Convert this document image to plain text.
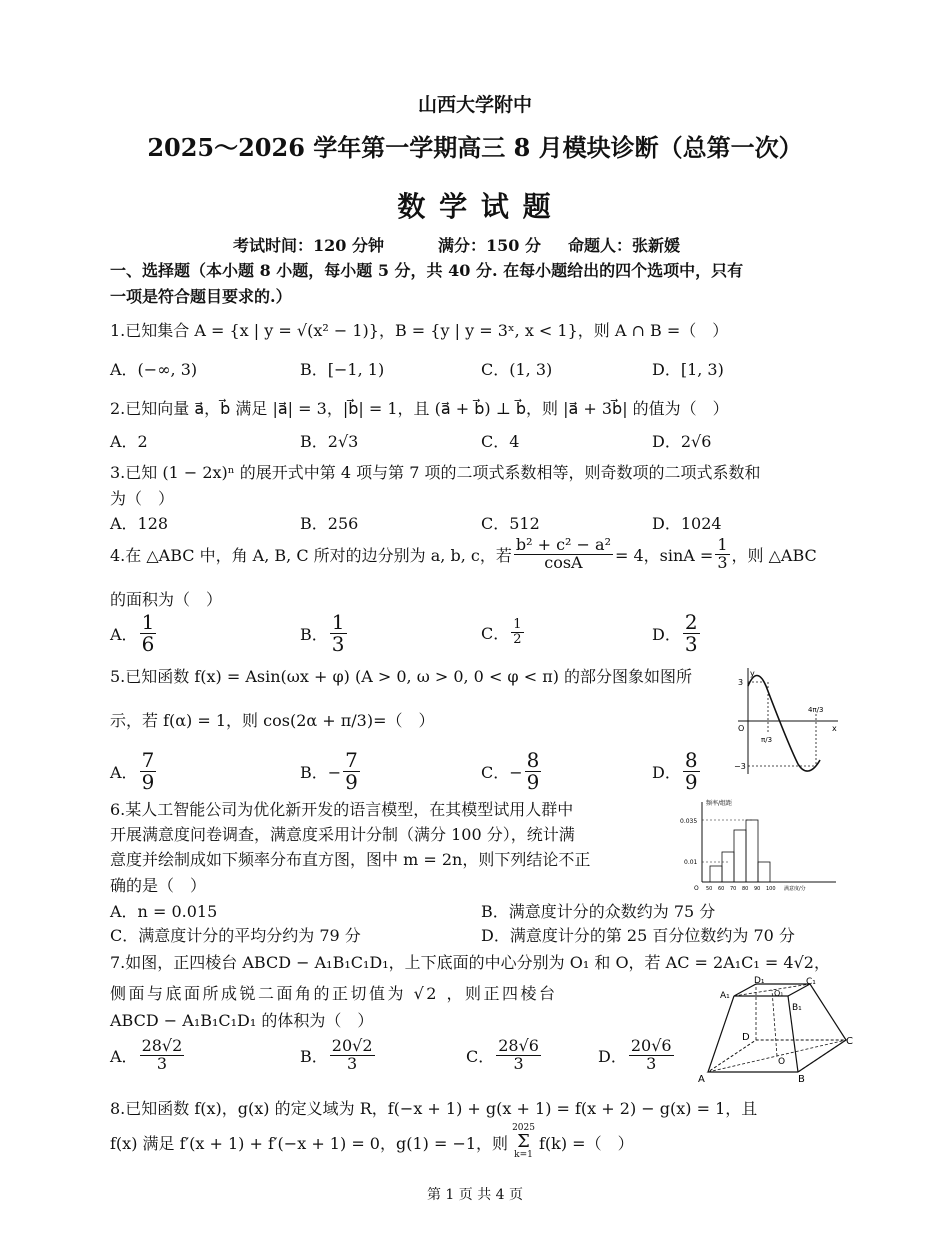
山西大学附中
2025～2026 学年第一学期高三 8 月模块诊断（总第一次）
数 学 试 题
考试时间：120 分钟	满分：150 分 命题人：张新媛
一、选择题（本小题 8 小题，每小题 5 分，共 40 分. 在每小题给出的四个选项中，只有
一项是符合题目要求的.）
1.已知集合 A = {x | y = √(x² − 1)}，B = {y | y = 3ˣ, x < 1}，则 A ∩ B =（　）
A．(−∞, 3)	B．[−1, 1)	C．(1, 3)	D．[1, 3)
2.已知向量 a⃗，b⃗ 满足 |a⃗| = 3，|b⃗| = 1，且 (a⃗ + b⃗) ⊥ b⃗，则 |a⃗ + 3b⃗| 的值为（　）
A．2	B．2√3	C．4	D．2√6
3.已知 (1 − 2x)ⁿ 的展开式中第 4 项与第 7 项的二项式系数相等，则奇数项的二项式系数和
为（　）
A．128	B．256	C．512	D．1024
4.在 △ABC 中，角 A, B, C 所对的边分别为 a, b, c，若 $\frac{\text{b² + c² − a²}}{\cos A} = 4$，$\sin A = \frac{1}{3}$ ，则 △ABC
的面积为（　）
A． $\frac{1}{6}$	B． $\frac{1}{3}$	C． $\frac{1}{2}$	D． $\frac{2}{3}$
5.已知函数 f(x) = Asin(ωx + φ) (A > 0, ω > 0, 0 < φ < π) 的部分图象如图所
示，若 f(α) = 1，则 cos(2α + π/3)=（　）
A． $\frac{7}{9}$	B．− $\frac{7}{9}$	C．− $\frac{8}{9}$	D． $\frac{8}{9}$
y
3
−3
O
π/3
4π/3
x
6.某人工智能公司为优化新开发的语言模型，在其模型试用人群中
开展满意度问卷调查，满意度采用计分制（满分 100 分），统计满
意度并绘制成如下频率分布直方图，图中 m = 2n，则下列结论不正
确的是（　）
A．n = 0.015	B．满意度计分的众数约为 75 分
C．满意度计分的平均分约为 79 分	D．满意度计分的第 25 百分位数约为 70 分
频率/组距
0.035
0.01
O 50 60 70 80 90 100 满意度/分
7.如图，正四棱台 ABCD − A₁B₁C₁D₁，上下底面的中心分别为 O₁ 和 O，若 AC = 2A₁C₁ = 4√2，
侧面与底面所成锐二面角的正切值为 √2 ，则正四棱台
ABCD − A₁B₁C₁D₁ 的体积为（　）
A． $\frac{28√2}{3}$	B． $\frac{20√2}{3}$	C． $\frac{28√6}{3}$	D． $\frac{20√6}{3}$
A	B
C
D
A₁
B₁
C₁
D₁
O
O₁
8.已知函数 f(x)，g(x) 的定义域为 R，f(−x + 1) + g(x + 1) = f(x + 2) − g(x) = 1，且
f(x) 满足 f′(x + 1) + f′(−x + 1) = 0，g(1) = −1，则
2025
Σ
k=1
f(k) =（　）
第 1 页 共 4 页
